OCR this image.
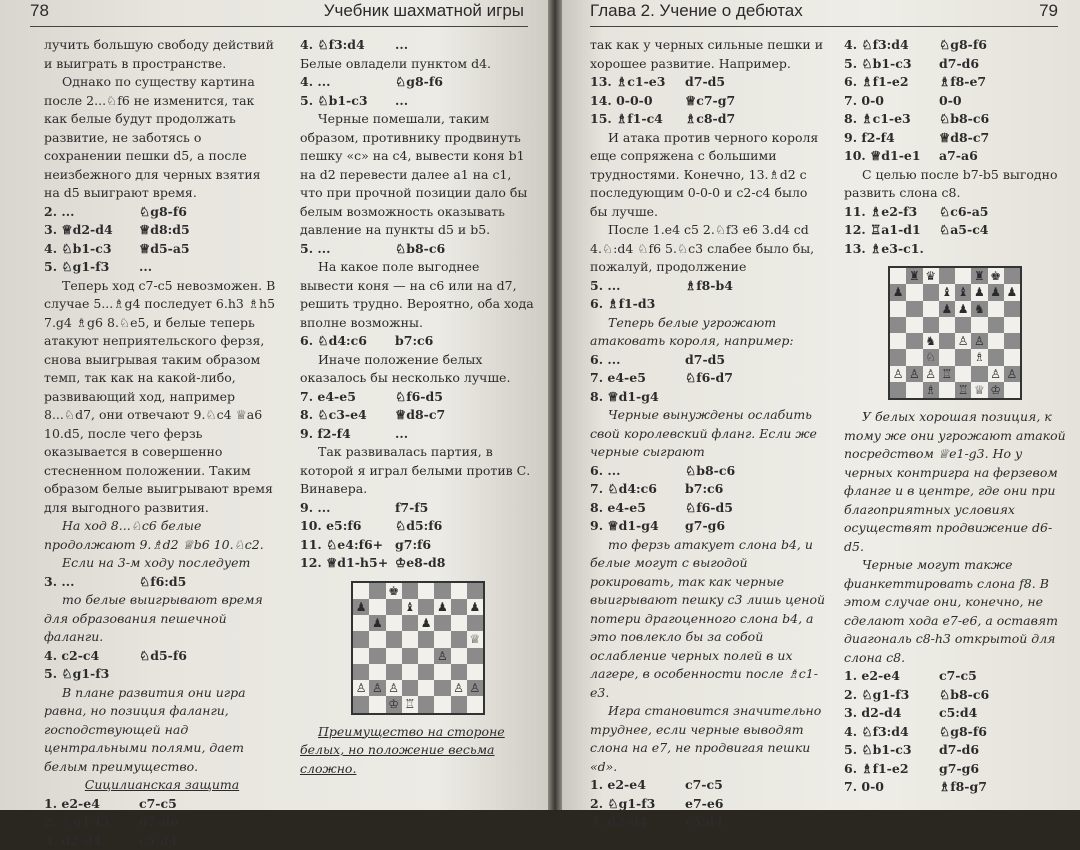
78	Учебник шахматной игры

лучить большую свободу действий и выиграть в пространстве.

Однако по существу картина после 2...♘f6 не изменится, так как белые будут продолжать развитие, не заботясь о сохранении пешки d5, а после неизбежного для черных взятия на d5 выиграют время.

2. ...	♘g8-f6
3. ♕d2-d4	♕d8:d5
4. ♘b1-c3	♕d5-a5
5. ♘g1-f3	...

Теперь ход c7-c5 невозможен. В случае 5...♗g4 последует 6.h3 ♗h5 7.g4 ♗g6 8.♘e5, и белые теперь атакуют неприятельского ферзя, снова выигрывая таким образом темп, так как на какой-либо, развивающий ход, например 8...♘d7, они отвечают 9.♘c4 ♕a6 10.d5, после чего ферзь оказывается в совершенно стесненном положении. Таким образом белые выигрывают время для выгодного развития.

На ход 8...♘c6 белые продолжают 9.♗d2 ♕b6 10.♘c2.

Если на 3-м ходу последует

3. ...	♘f6:d5

то белые выигрывают время для образования пешечной фаланги.

4. c2-c4	♘d5-f6
5. ♘g1-f3

В плане развития они игра равна, но позиция фаланги, господствующей над центральными полями, дает белым преимущество.

Сицилианская защита

1. e2-e4	c7-c5
2. ♘g1-f3	d7-d6
3. d2-d4	c5:d4
4. ♘f3:d4	...

Белые овладели пунктом d4.

4. ...	♘g8-f6
5. ♘b1-c3	...

Черные помешали, таким образом, противнику продвинуть пешку «c» на c4, вывести коня b1 на d2 перевести далее а1 на с1, что при прочной позиции дало бы белым возможность оказывать давление на пункты d5 и b5.

5. ...	♘b8-c6

На какое поле выгоднее вывести коня — на c6 или на d7, решить трудно. Вероятно, оба хода вполне возможны.

6. ♘d4:c6	b7:c6

Иначе положение белых оказалось бы несколько лучше.

7. e4-e5	♘f6-d5
8. ♘c3-e4	♕d8-c7
9. f2-f4	...

Так развивалась партия, в которой я играл белыми против С. Винавера.

9. ...	f7-f5
10. e5:f6	♘d5:f6
11. ♘e4:f6+ g7:f6
12. ♕d1-h5+ ♔e8-d8
♚
♟	♝ ♟ ♟
♟	♟
♕
♙
♙ ♙ ♙	♙ ♙
♔ ♖

Преимущество на стороне белых, но положение весьма сложно.

Глава 2. Учение о дебютах	79

так как у черных сильные пешки и хорошее развитие. Например.

13. ♗c1-e3	d7-d5
14. 0-0-0	♕c7-g7
15. ♗f1-c4	♗c8-d7

И атака против черного короля еще сопряжена с большими трудностями. Конечно, 13.♗d2 с последующим 0-0-0 и c2-c4 было бы лучше.

После 1.e4 c5 2.♘f3 e6 3.d4 cd 4.♘:d4 ♘f6 5.♘c3 слабее было бы, пожалуй, продолжение

5. ...	♗f8-b4
6. ♗f1-d3

Теперь белые угрожают атаковать короля, например:

6. ...	d7-d5
7. e4-e5	♘f6-d7
8. ♕d1-g4

Черные вынуждены ослабить свой королевский фланг. Если же черные сыграют

6. ...	♘b8-c6
7. ♘d4:c6	b7:c6
8. e4-e5	♘f6-d5
9. ♕d1-g4	g7-g6

то ферзь атакует слона b4, и белые могут с выгодой рокировать, так как черные выигрывают пешку c3 лишь ценой потери драгоценного слона b4, а это повлекло бы за собой ослабление черных полей в их лагере, в особенности после ♗c1-e3.

Игра становится значительно труднее, если черные выводят слона на e7, не продвигая пешки «d».

1. e2-e4	c7-c5
2. ♘g1-f3	e7-e6
3. d2-d4	c5:d4
4. ♘f3:d4	♘g8-f6
5. ♘b1-c3	d7-d6
6. ♗f1-e2	♗f8-e7
7. 0-0	0-0
8. ♗c1-e3	♘b8-c6
9. f2-f4	♕d8-c7
10. ♕d1-e1	a7-a6

С целью после b7-b5 выгодно развить слона c8.

11. ♗e2-f3	♘c6-a5
12. ♖a1-d1	♘a5-c4
13. ♗e3-c1.
♜ ♛	♜ ♚
♟	♝ ♝ ♟ ♟ ♟
♟ ♟ ♞
♞ ♙ ♙
♘	♗
♙ ♙ ♙ ♖	♙ ♙
♗ ♖ ♕ ♔

У белых хорошая позиция, к тому же они угрожают атакой посредством ♕e1-g3. Но у черных контригра на ферзевом фланге и в центре, где они при благоприятных условиях осуществят продвижение d6-d5.

Черные могут также фианкеттировать слона f8. В этом случае они, конечно, не сделают хода e7-e6, а оставят диагональ c8-h3 открытой для слона c8.

1. e2-e4	c7-c5
2. ♘g1-f3	♘b8-c6
3. d2-d4	c5:d4
4. ♘f3:d4	♘g8-f6
5. ♘b1-c3	d7-d6
6. ♗f1-e2	g7-g6
7. 0-0	♗f8-g7
